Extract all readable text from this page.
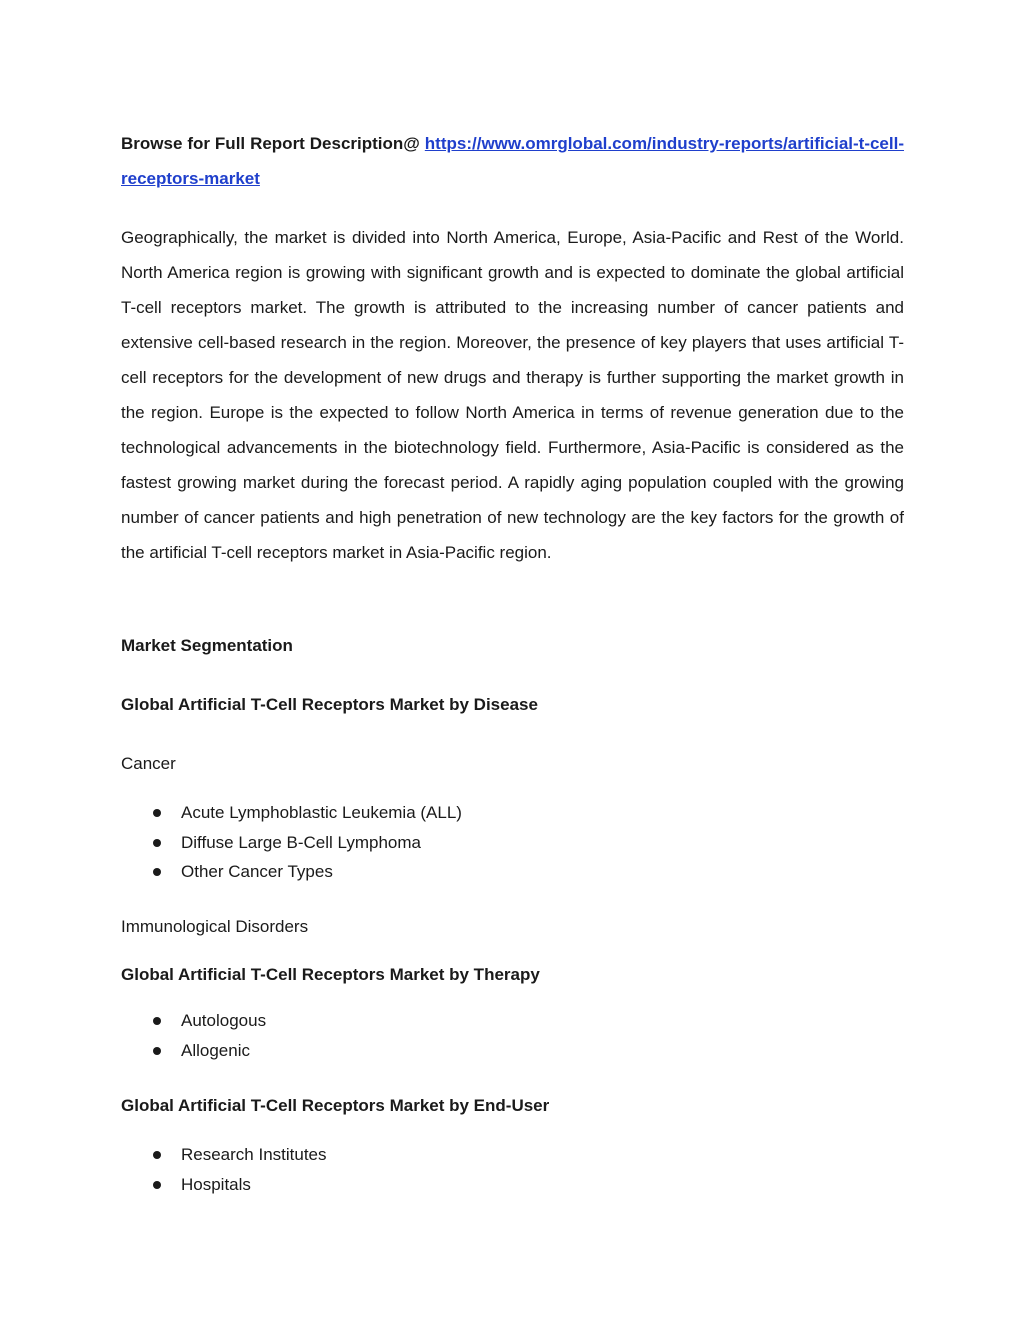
Browse for Full Report Description@ https://www.omrglobal.com/industry-reports/artificial-t-cell-receptors-market

Geographically, the market is divided into North America, Europe, Asia-Pacific and Rest of the World. North America region is growing with significant growth and is expected to dominate the global artificial T-cell receptors market. The growth is attributed to the increasing number of cancer patients and extensive cell-based research in the region. Moreover, the presence of key players that uses artificial T-cell receptors for the development of new drugs and therapy is further supporting the market growth in the region. Europe is the expected to follow North America in terms of revenue generation due to the technological advancements in the biotechnology field. Furthermore, Asia-Pacific is considered as the fastest growing market during the forecast period. A rapidly aging population coupled with the growing number of cancer patients and high penetration of new technology are the key factors for the growth of the artificial T-cell receptors market in Asia-Pacific region.

Market Segmentation

Global Artificial T-Cell Receptors Market by Disease

Cancer

Acute Lymphoblastic Leukemia (ALL)
Diffuse Large B-Cell Lymphoma
Other Cancer Types

Immunological Disorders

Global Artificial T-Cell Receptors Market by Therapy

Autologous
Allogenic

Global Artificial T-Cell Receptors Market by End-User

Research Institutes
Hospitals
